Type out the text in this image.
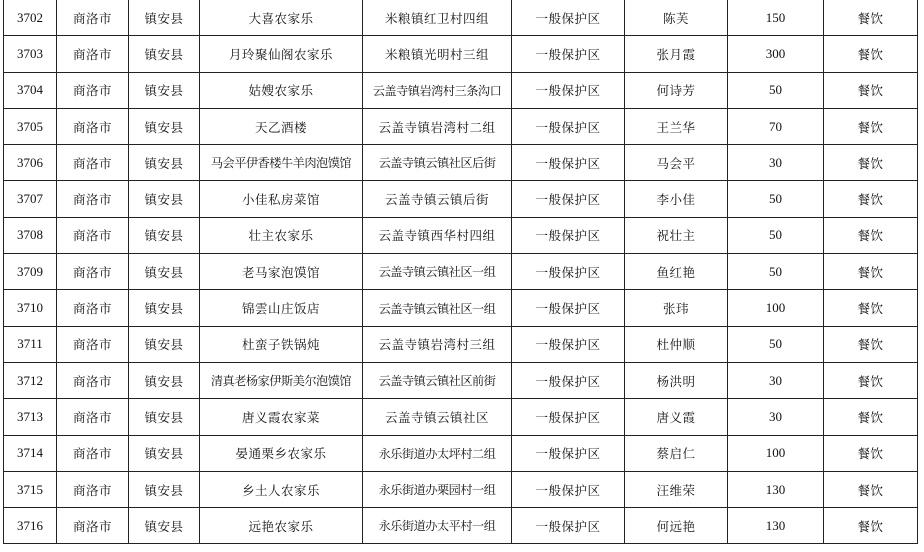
3702	商洛市	镇安县	大喜农家乐	米粮镇红卫村四组	一般保护区	陈芙	150	餐饮
3703	商洛市	镇安县	月玲聚仙阁农家乐	米粮镇光明村三组	一般保护区	张月霞	300	餐饮
3704	商洛市	镇安县	姑嫂农家乐	云盖寺镇岩湾村三条沟口	一般保护区	何诗芳	50	餐饮
3705	商洛市	镇安县	天乙酒楼	云盖寺镇岩湾村二组	一般保护区	王兰华	70	餐饮
3706	商洛市	镇安县	马会平伊香楼牛羊肉泡馍馆	云盖寺镇云镇社区后街	一般保护区	马会平	30	餐饮
3707	商洛市	镇安县	小佳私房菜馆	云盖寺镇云镇后街	一般保护区	李小佳	50	餐饮
3708	商洛市	镇安县	壮主农家乐	云盖寺镇西华村四组	一般保护区	祝壮主	50	餐饮
3709	商洛市	镇安县	老马家泡馍馆	云盖寺镇云镇社区一组	一般保护区	鱼红艳	50	餐饮
3710	商洛市	镇安县	锦雲山庄饭店	云盖寺镇云镇社区一组	一般保护区	张玮	100	餐饮
3711	商洛市	镇安县	杜蛮子铁锅炖	云盖寺镇岩湾村三组	一般保护区	杜仲顺	50	餐饮
3712	商洛市	镇安县	清真老杨家伊斯美尔泡馍馆	云盖寺镇云镇社区前街	一般保护区	杨洪明	30	餐饮
3713	商洛市	镇安县	唐义霞农家菜	云盖寺镇云镇社区	一般保护区	唐义霞	30	餐饮
3714	商洛市	镇安县	晏通栗乡农家乐	永乐街道办太坪村二组	一般保护区	蔡启仁	100	餐饮
3715	商洛市	镇安县	乡土人农家乐	永乐街道办栗园村一组	一般保护区	汪维荣	130	餐饮
3716	商洛市	镇安县	远艳农家乐	永乐街道办太平村一组	一般保护区	何远艳	130	餐饮
